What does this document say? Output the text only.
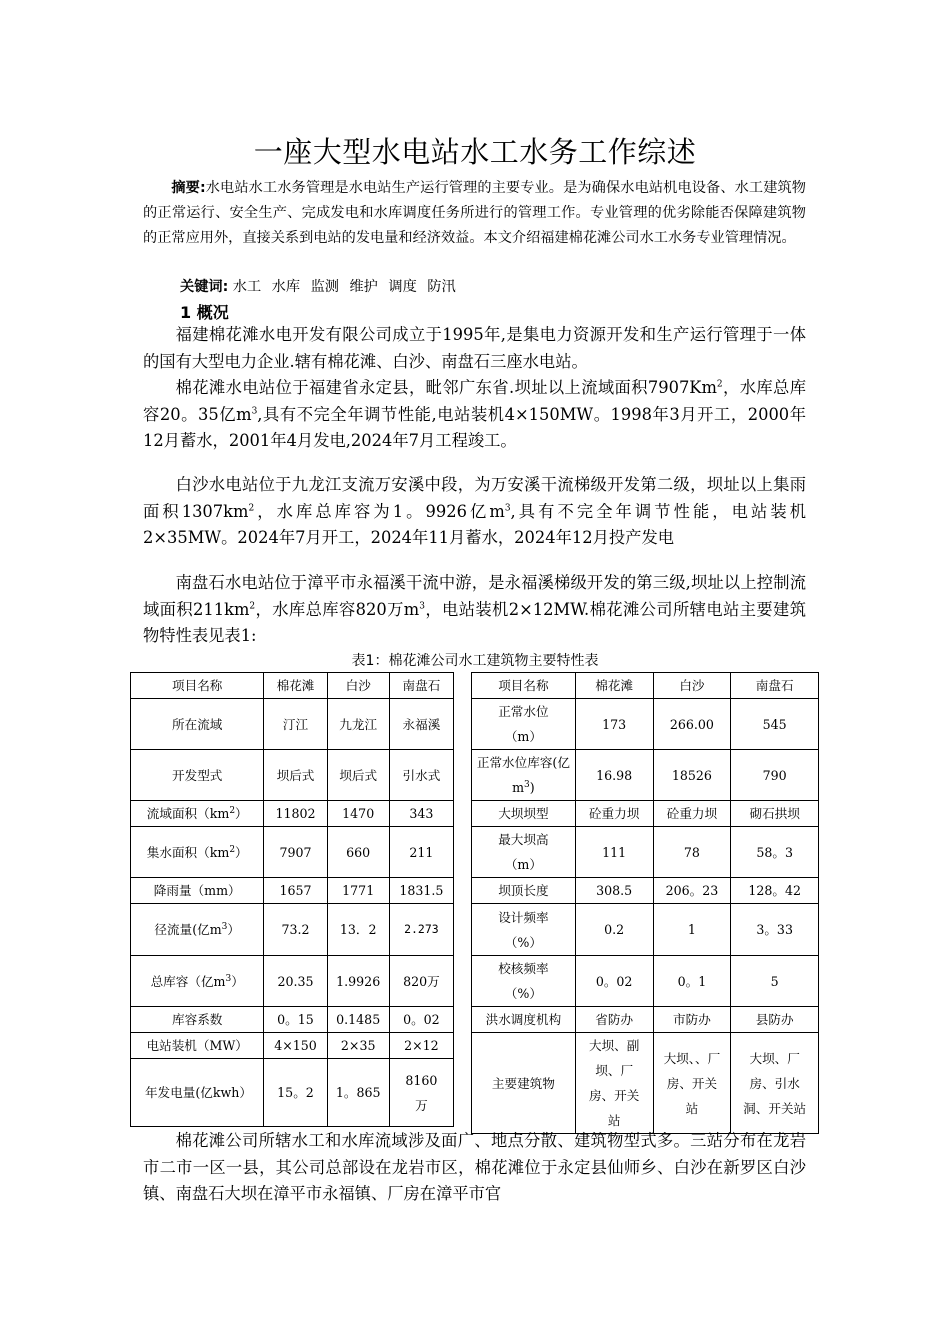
一座大型水电站水工水务工作综述

摘要:水电站水工水务管理是水电站生产运行管理的主要专业。是为确保水电站机电设备、水工建筑物的正常运行、安全生产、完成发电和水库调度任务所进行的管理工作。专业管理的优劣除能否保障建筑物的正常应用外，直接关系到电站的发电量和经济效益。本文介绍福建棉花滩公司水工水务专业管理情况。

关键词: 水工 水库 监测 维护 调度 防汛
1 概况

福建棉花滩水电开发有限公司成立于1995年,是集电力资源开发和生产运行管理于一体的国有大型电力企业.辖有棉花滩、白沙、南盘石三座水电站。

棉花滩水电站位于福建省永定县，毗邻广东省.坝址以上流域面积7907Km$^2$，水库总库容20。35亿$m^3$,具有不完全年调节性能,电站装机4×150MW。1998年3月开工，2000年12月蓄水，2001年4月发电,2024年7月工程竣工。

白沙水电站位于九龙江支流万安溪中段，为万安溪干流梯级开发第二级，坝址以上集雨面积$1307km^2$，水库总库容为1。9926亿$m^3$,具有不完全年调节性能，电站装机2×35MW。2024年7月开工，2024年11月蓄水，2024年12月投产发电

南盘石水电站位于漳平市永福溪干流中游，是永福溪梯级开发的第三级,坝址以上控制流域面积$211km^2$，水库总库容820万$m^3$，电站装机2×12MW.棉花滩公司所辖电站主要建筑物特性表见表1:

表1：棉花滩公司水工建筑物主要特性表
项目名称	棉花滩	白沙	南盘石
所在流域	汀江	九龙江	永福溪
开发型式	坝后式	坝后式	引水式
流域面积$(km^2)$	11802	1470	343
集水面积$(km^2)$	7907	660	211
降雨量（mm）	1657	1771	1831.5
径流量(亿$m^3$）	73.2	13．2	2.273
总库容（亿$m^3$）	20.35	1.9926	820万
库容系数	0。15	0.1485	0。02
电站装机（MW）	4×150	2×35	2×12
年发电量(亿kwh）	15。2	1。865	8160万
项目名称	棉花滩	白沙	南盘石
正常水位（m）	173	266.00	545
正常水位库容(亿$m^3$)	16.98	18526	790
大坝坝型	砼重力坝	砼重力坝	砌石拱坝
最大坝高（m）	111	78	58。3
坝顶长度	308.5	206。23	128。42
设计频率（%）	0.2	1	3。33
校核频率（%）	0。02	0。1	5
洪水调度机构	省防办	市防办	县防办
主要建筑物	大坝、副坝、厂房、开关站	大坝、、厂房、开关站	大坝、厂房、引水洞、开关站

棉花滩公司所辖水工和水库流域涉及面广、地点分散、建筑物型式多。三站分布在龙岩市二市一区一县，其公司总部设在龙岩市区，棉花滩位于永定县仙师乡、白沙在新罗区白沙镇、南盘石大坝在漳平市永福镇、厂房在漳平市官
